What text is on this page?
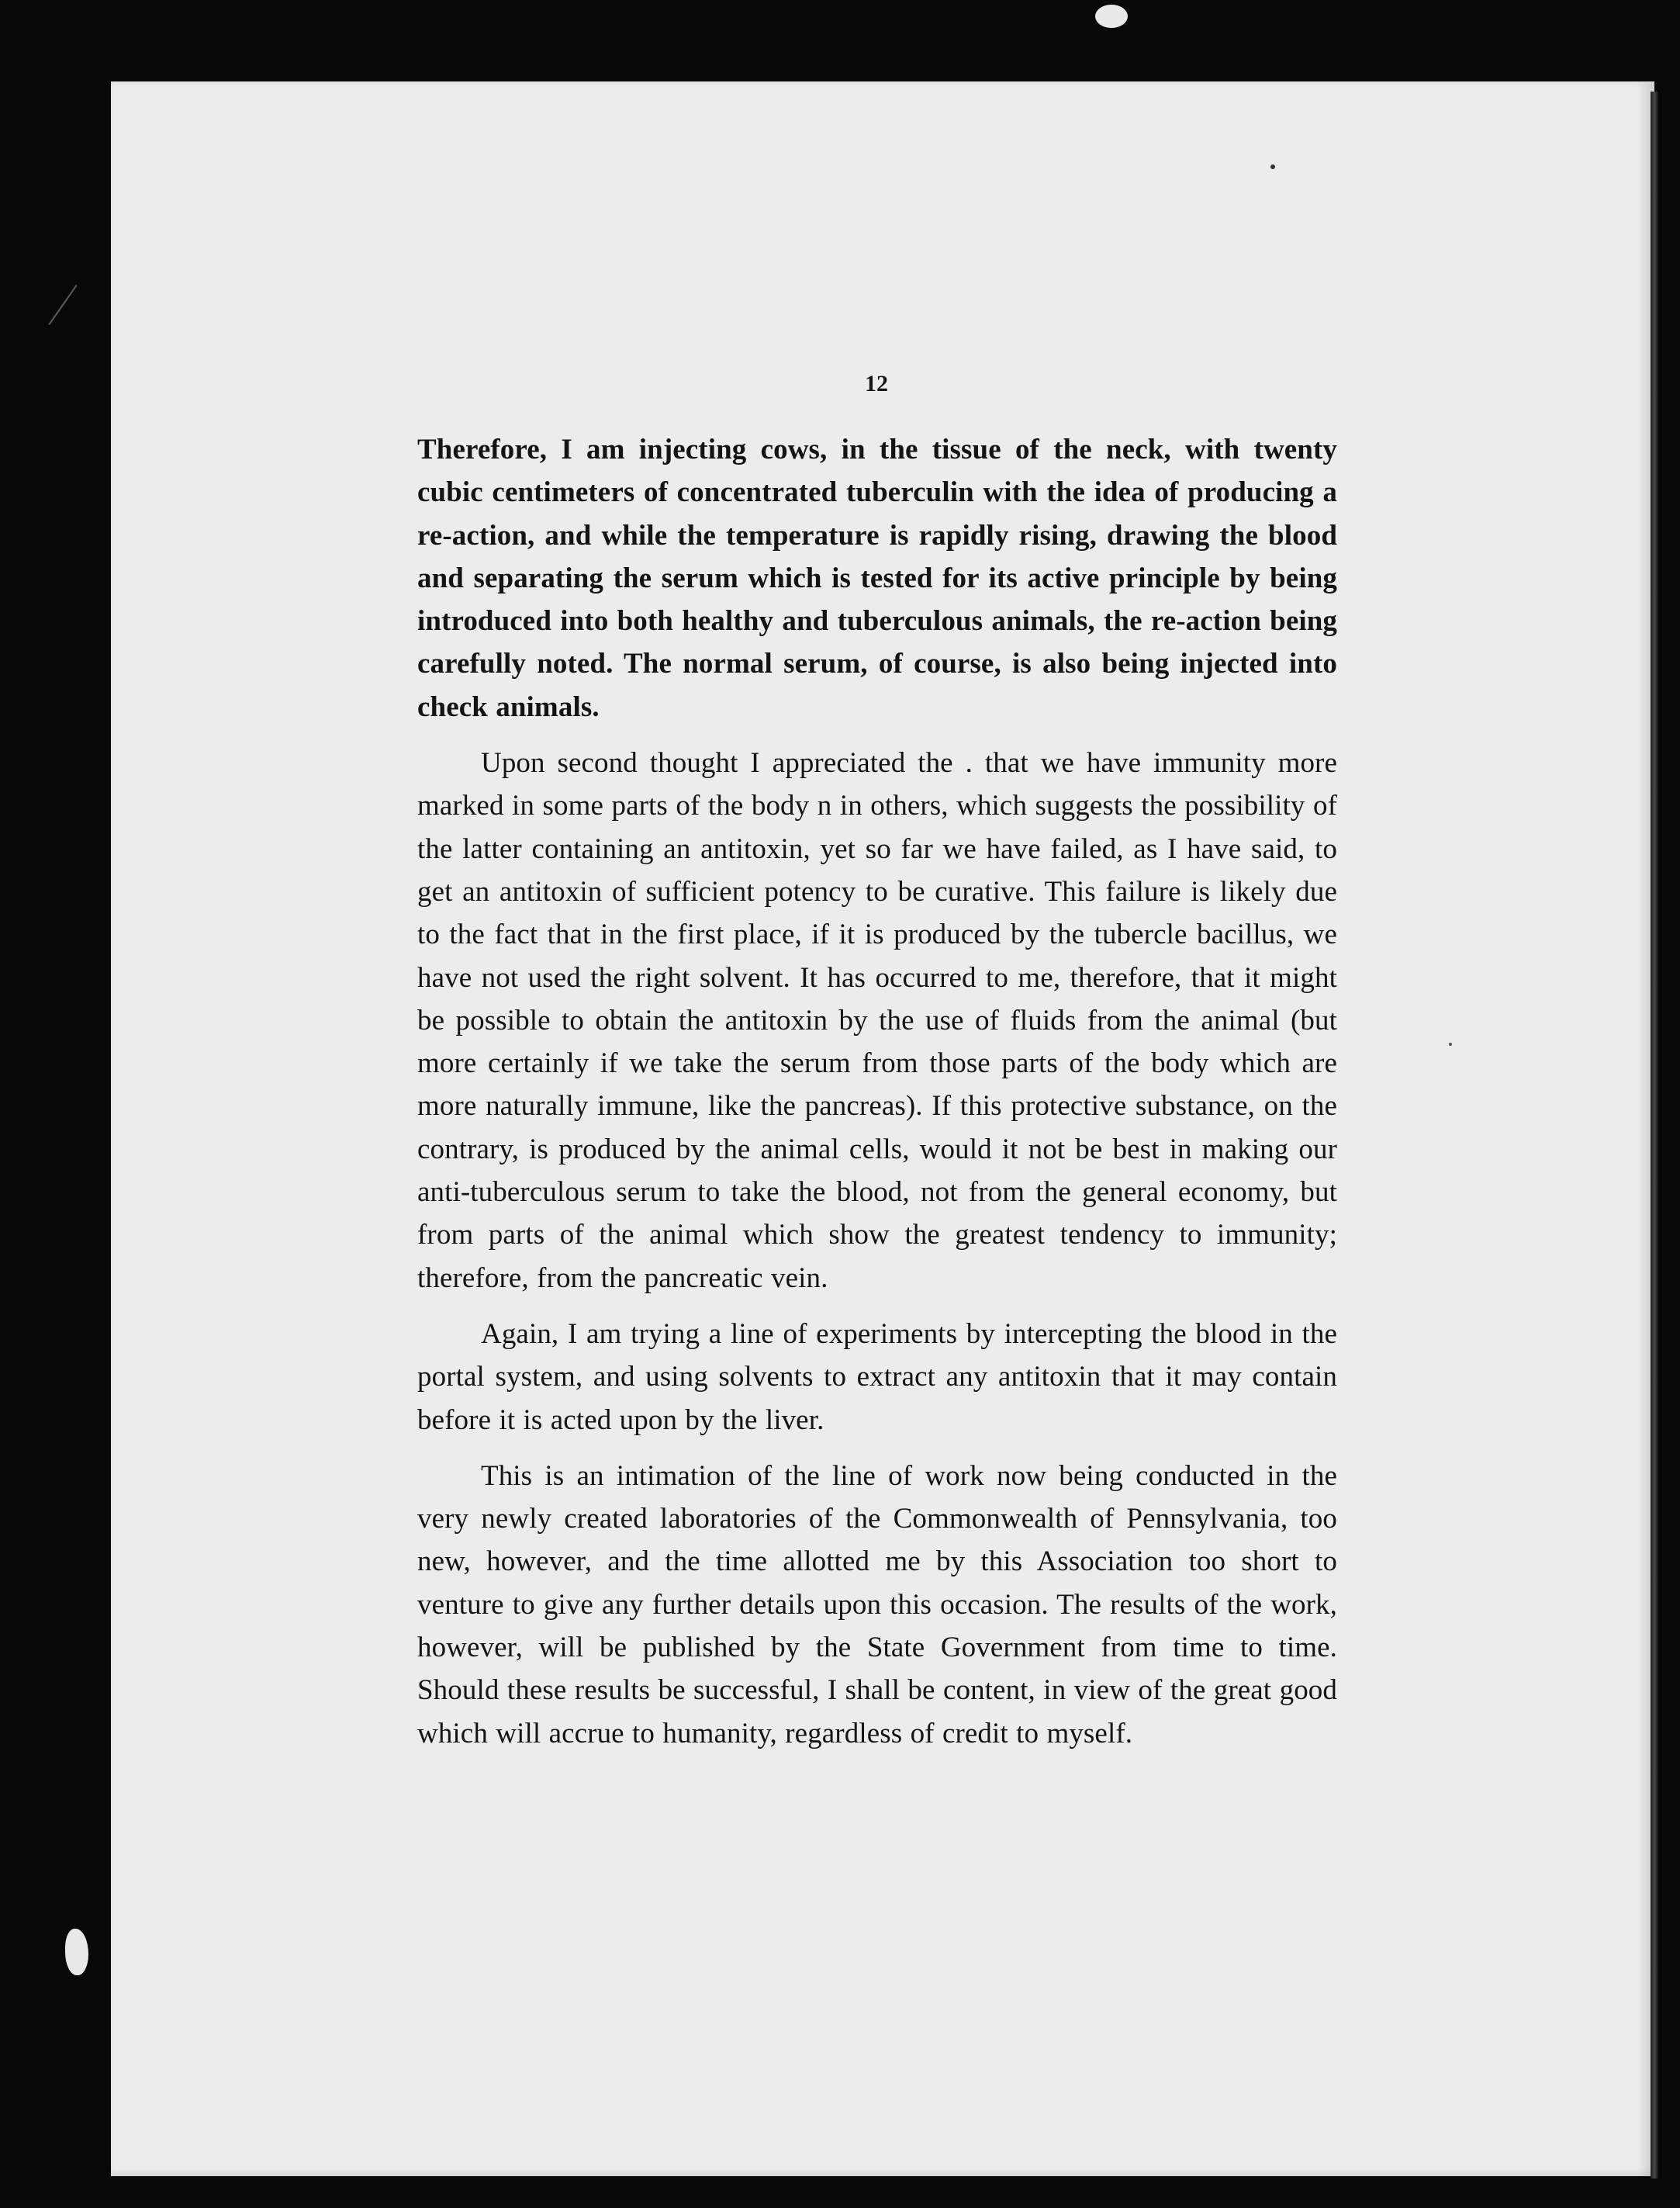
12

Therefore, I am injecting cows, in the tissue of the neck, with twenty cubic centimeters of concentrated tuberculin with the idea of producing a re-action, and while the temperature is rapidly rising, drawing the blood and separating the serum which is tested for its active principle by being introduced into both healthy and tuberculous animals, the re-action being carefully noted. The normal serum, of course, is also being injected into check animals.

Upon second thought I appreciated the . that we have immunity more marked in some parts of the body n in others, which suggests the possibility of the latter containing an antitoxin, yet so far we have failed, as I have said, to get an antitoxin of sufficient potency to be curative. This failure is likely due to the fact that in the first place, if it is produced by the tubercle bacillus, we have not used the right solvent. It has occurred to me, therefore, that it might be possible to obtain the antitoxin by the use of fluids from the animal (but more certainly if we take the serum from those parts of the body which are more naturally immune, like the pancreas). If this protective substance, on the contrary, is produced by the animal cells, would it not be best in making our anti-tuberculous serum to take the blood, not from the general economy, but from parts of the animal which show the greatest tendency to immunity; therefore, from the pancreatic vein.

Again, I am trying a line of experiments by intercepting the blood in the portal system, and using solvents to extract any antitoxin that it may contain before it is acted upon by the liver.

This is an intimation of the line of work now being conducted in the very newly created laboratories of the Commonwealth of Pennsylvania, too new, however, and the time allotted me by this Association too short to venture to give any further details upon this occasion. The results of the work, however, will be published by the State Government from time to time. Should these results be successful, I shall be content, in view of the great good which will accrue to humanity, regardless of credit to myself.
